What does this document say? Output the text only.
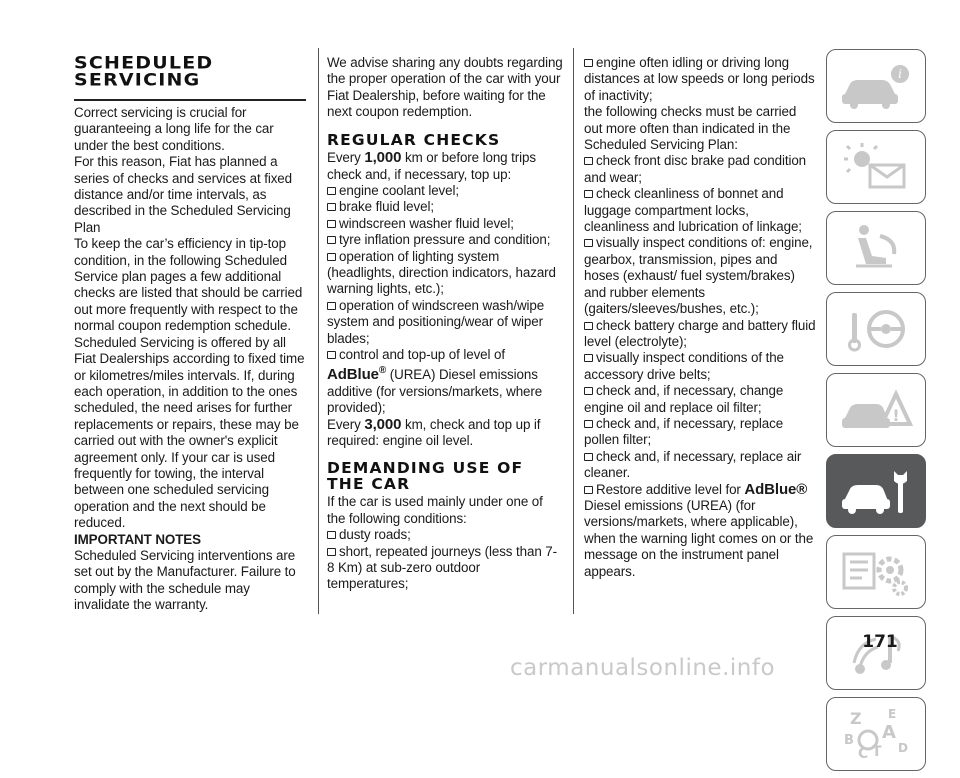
SCHEDULED
SERVICING

Correct servicing is crucial for guaranteeing a long life for the car under the best conditions.

For this reason, Fiat has planned a series of checks and services at fixed distance and/or time intervals, as described in the Scheduled Servicing Plan

To keep the car’s efficiency in tip-top condition, in the following Scheduled Service plan pages a few additional checks are listed that should be carried out more frequently with respect to the normal coupon redemption schedule.

Scheduled Servicing is offered by all Fiat Dealerships according to fixed time or kilometres/miles intervals. If, during each operation, in addition to the ones scheduled, the need arises for further replacements or repairs, these may be carried out with the owner's explicit agreement only. If your car is used frequently for towing, the interval between one scheduled servicing operation and the next should be reduced.

IMPORTANT NOTES

Scheduled Servicing interventions are set out by the Manufacturer. Failure to comply with the schedule may invalidate the warranty.

We advise sharing any doubts regarding the proper operation of the car with your Fiat Dealership, before waiting for the next coupon redemption.

REGULAR CHECKS

Every 1,000 km or before long trips check and, if necessary, top up:

engine coolant level;

brake fluid level;

windscreen washer fluid level;

tyre inflation pressure and condition;

operation of lighting system (headlights, direction indicators, hazard warning lights, etc.);

operation of windscreen wash/wipe system and positioning/wear of wiper blades;

control and top-up of level of
AdBlue® (UREA) Diesel emissions additive (for versions/markets, where provided);

Every 3,000 km, check and top up if required: engine oil level.

DEMANDING USE OF THE CAR

If the car is used mainly under one of the following conditions:

dusty roads;

short, repeated journeys (less than 7-8 Km) at sub-zero outdoor temperatures;

engine often idling or driving long distances at low speeds or long periods of inactivity;

the following checks must be carried out more often than indicated in the Scheduled Servicing Plan:

check front disc brake pad condition and wear;

check cleanliness of bonnet and luggage compartment locks, cleanliness and lubrication of linkage;

visually inspect conditions of: engine, gearbox, transmission, pipes and hoses (exhaust/ fuel system/brakes) and rubber elements (gaiters/sleeves/bushes, etc.);

check battery charge and battery fluid level (electrolyte);

visually inspect conditions of the accessory drive belts;

check and, if necessary, change engine oil and replace oil filter;

check and, if necessary, replace pollen filter;

check and, if necessary, replace air cleaner.

Restore additive level for AdBlue®
Diesel emissions (UREA) (for versions/markets, where applicable), when the warning light comes on or the message on the instrument panel appears.

i
!
Z E
A
B
C T D
171
carmanualsonline.info
